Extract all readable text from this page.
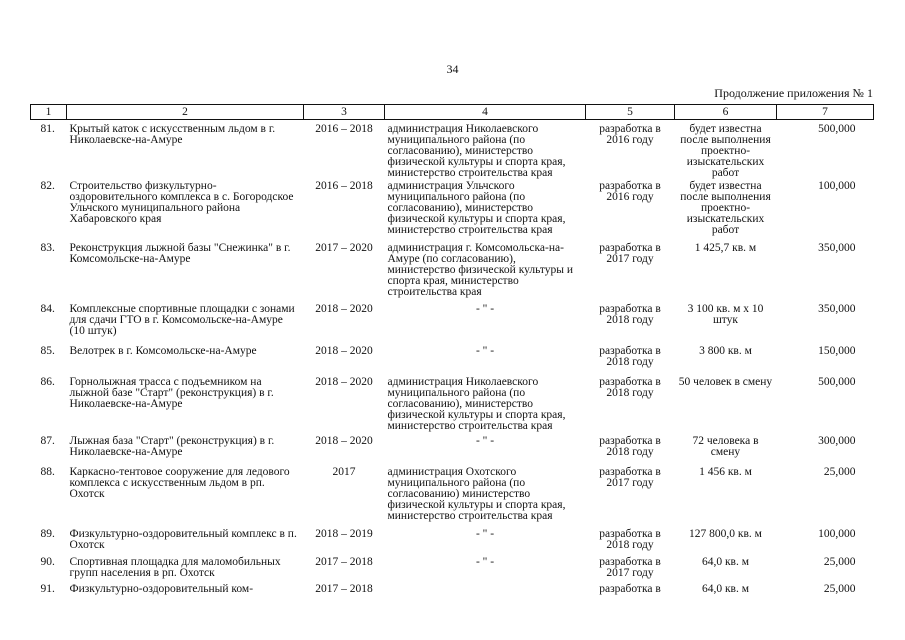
34
Продолжение приложения № 1
1	2	3	4	5	6	7
81.	Крытый каток с искусственным льдом в г. Николаевске-на-Амуре	2016 – 2018	администрация Николаевского муниципального района (по согласованию), министерство физической культуры и спорта края, министерство строительства края	разработка в 2016 году	будет известна после выполнения проектно-изыскательских работ	500,000
82.	Строительство физкультурно-оздоровительного комплекса в с. Богородское Ульчского муниципального района Хабаровского края	2016 – 2018	администрация Ульчского муниципального района (по согласованию), министерство физической культуры и спорта края, министерство строительства края	разработка в 2016 году	будет известна после выполнения проектно-изыскательских работ	100,000
83.	Реконструкция лыжной базы "Снежинка" в г. Комсомольске-на-Амуре	2017 – 2020	администрация г. Комсомольска-на-Амуре (по согласованию), министерство физической культуры и спорта края, министерство строительства края	разработка в 2017 году	1 425,7 кв. м	350,000
84.	Комплексные спортивные площадки с зонами для сдачи ГТО в г. Комсомольске-на-Амуре (10 штук)	2018 – 2020	- " -	разработка в 2018 году	3 100 кв. м х 10 штук	350,000
85.	Велотрек в г. Комсомольске-на-Амуре	2018 – 2020	- " -	разработка в 2018 году	3 800 кв. м	150,000
86.	Горнолыжная трасса с подъемником на лыжной базе "Старт" (реконструкция) в г. Николаевске-на-Амуре	2018 – 2020	администрация Николаевского муниципального района (по согласованию), министерство физической культуры и спорта края, министерство строительства края	разработка в 2018 году	50 человек в смену	500,000
87.	Лыжная база "Старт" (реконструкция) в г. Николаевске-на-Амуре	2018 – 2020	- " -	разработка в 2018 году	72 человека в смену	300,000
88.	Каркасно-тентовое сооружение для ледового комплекса с искусственным льдом в рп. Охотск	2017	администрация Охотского муниципального района (по согласованию) министерство физической культуры и спорта края, министерство строительства края	разработка в 2017 году	1 456 кв. м	25,000
89.	Физкультурно-оздоровительный комплекс в п. Охотск	2018 – 2019	- " -	разработка в 2018 году	127 800,0 кв. м	100,000
90.	Спортивная площадка для маломобильных групп населения в рп. Охотск	2017 – 2018	- " -	разработка в 2017 году	64,0 кв. м	25,000
91.	Физкультурно-оздоровительный ком-	2017 – 2018		разработка в	64,0 кв. м	25,000
